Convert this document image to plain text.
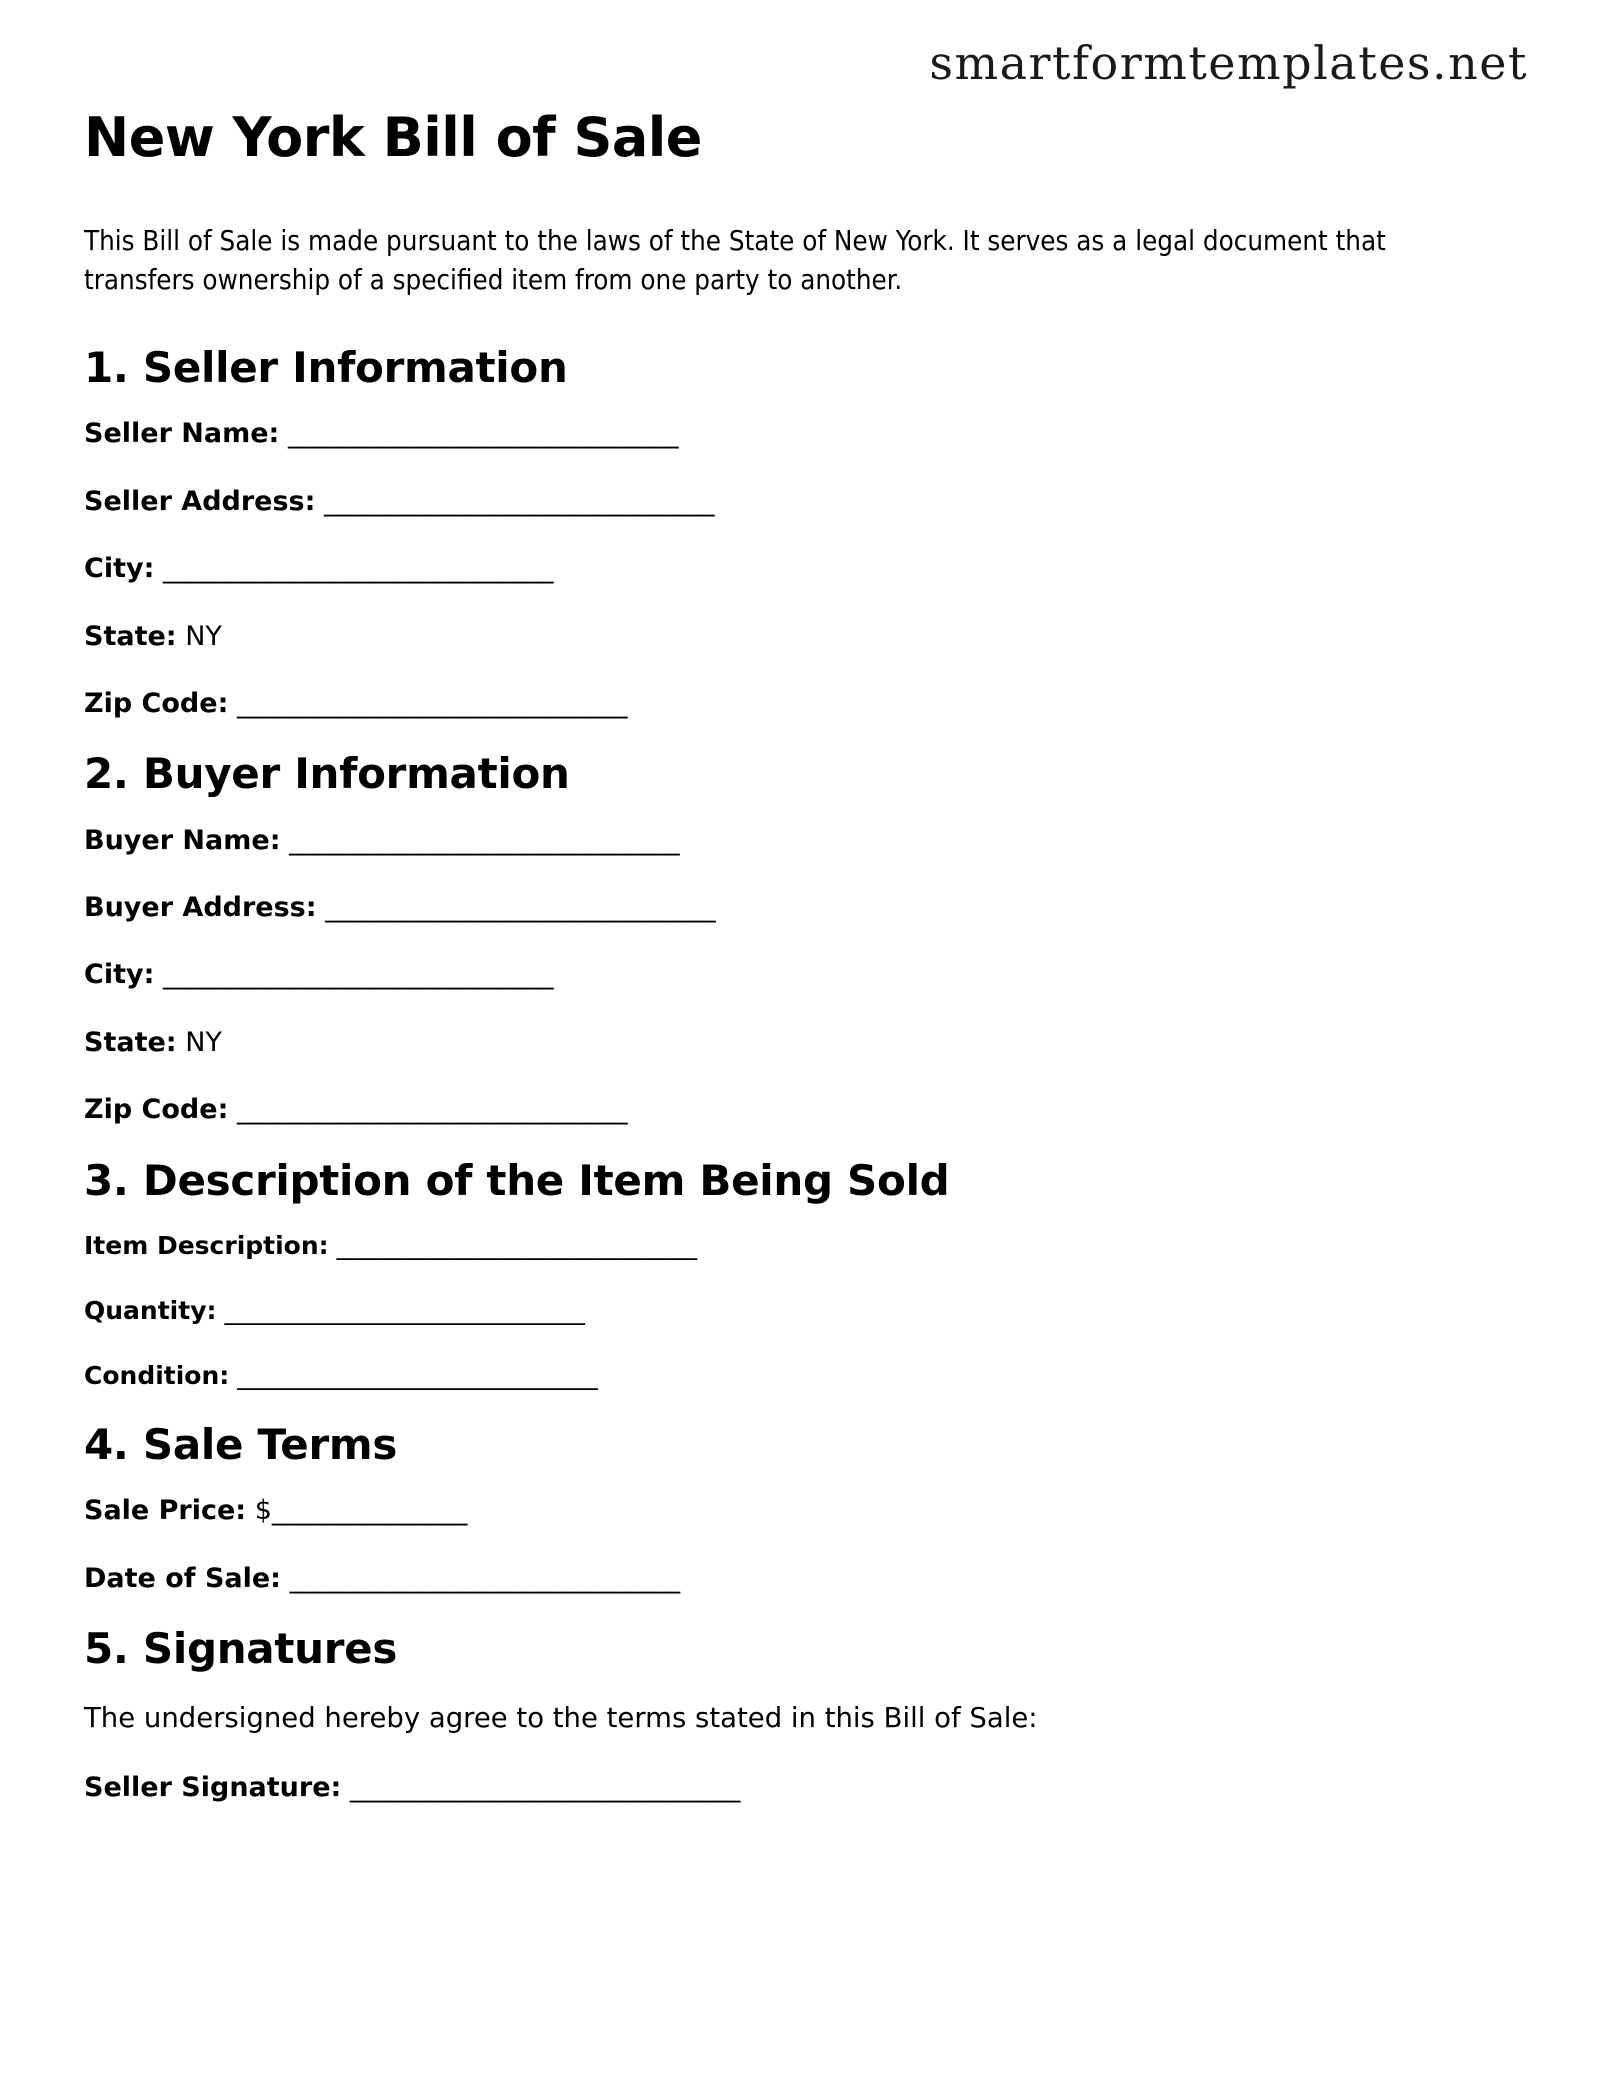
smartformtemplates.net
New York Bill of Sale

This Bill of Sale is made pursuant to the laws of the State of New York. It serves as a legal document that transfers ownership of a specified item from one party to another.

1. Seller Information

Seller Name: ______________________________

Seller Address: ______________________________

City: ______________________________

State: NY

Zip Code: ______________________________

2. Buyer Information

Buyer Name: ______________________________

Buyer Address: ______________________________

City: ______________________________

State: NY

Zip Code: ______________________________

3. Description of the Item Being Sold

Item Description: ______________________________

Quantity: ______________________________

Condition: ______________________________

4. Sale Terms

Sale Price: $_______________

Date of Sale: ______________________________

5. Signatures

The undersigned hereby agree to the terms stated in this Bill of Sale:

Seller Signature: ______________________________
